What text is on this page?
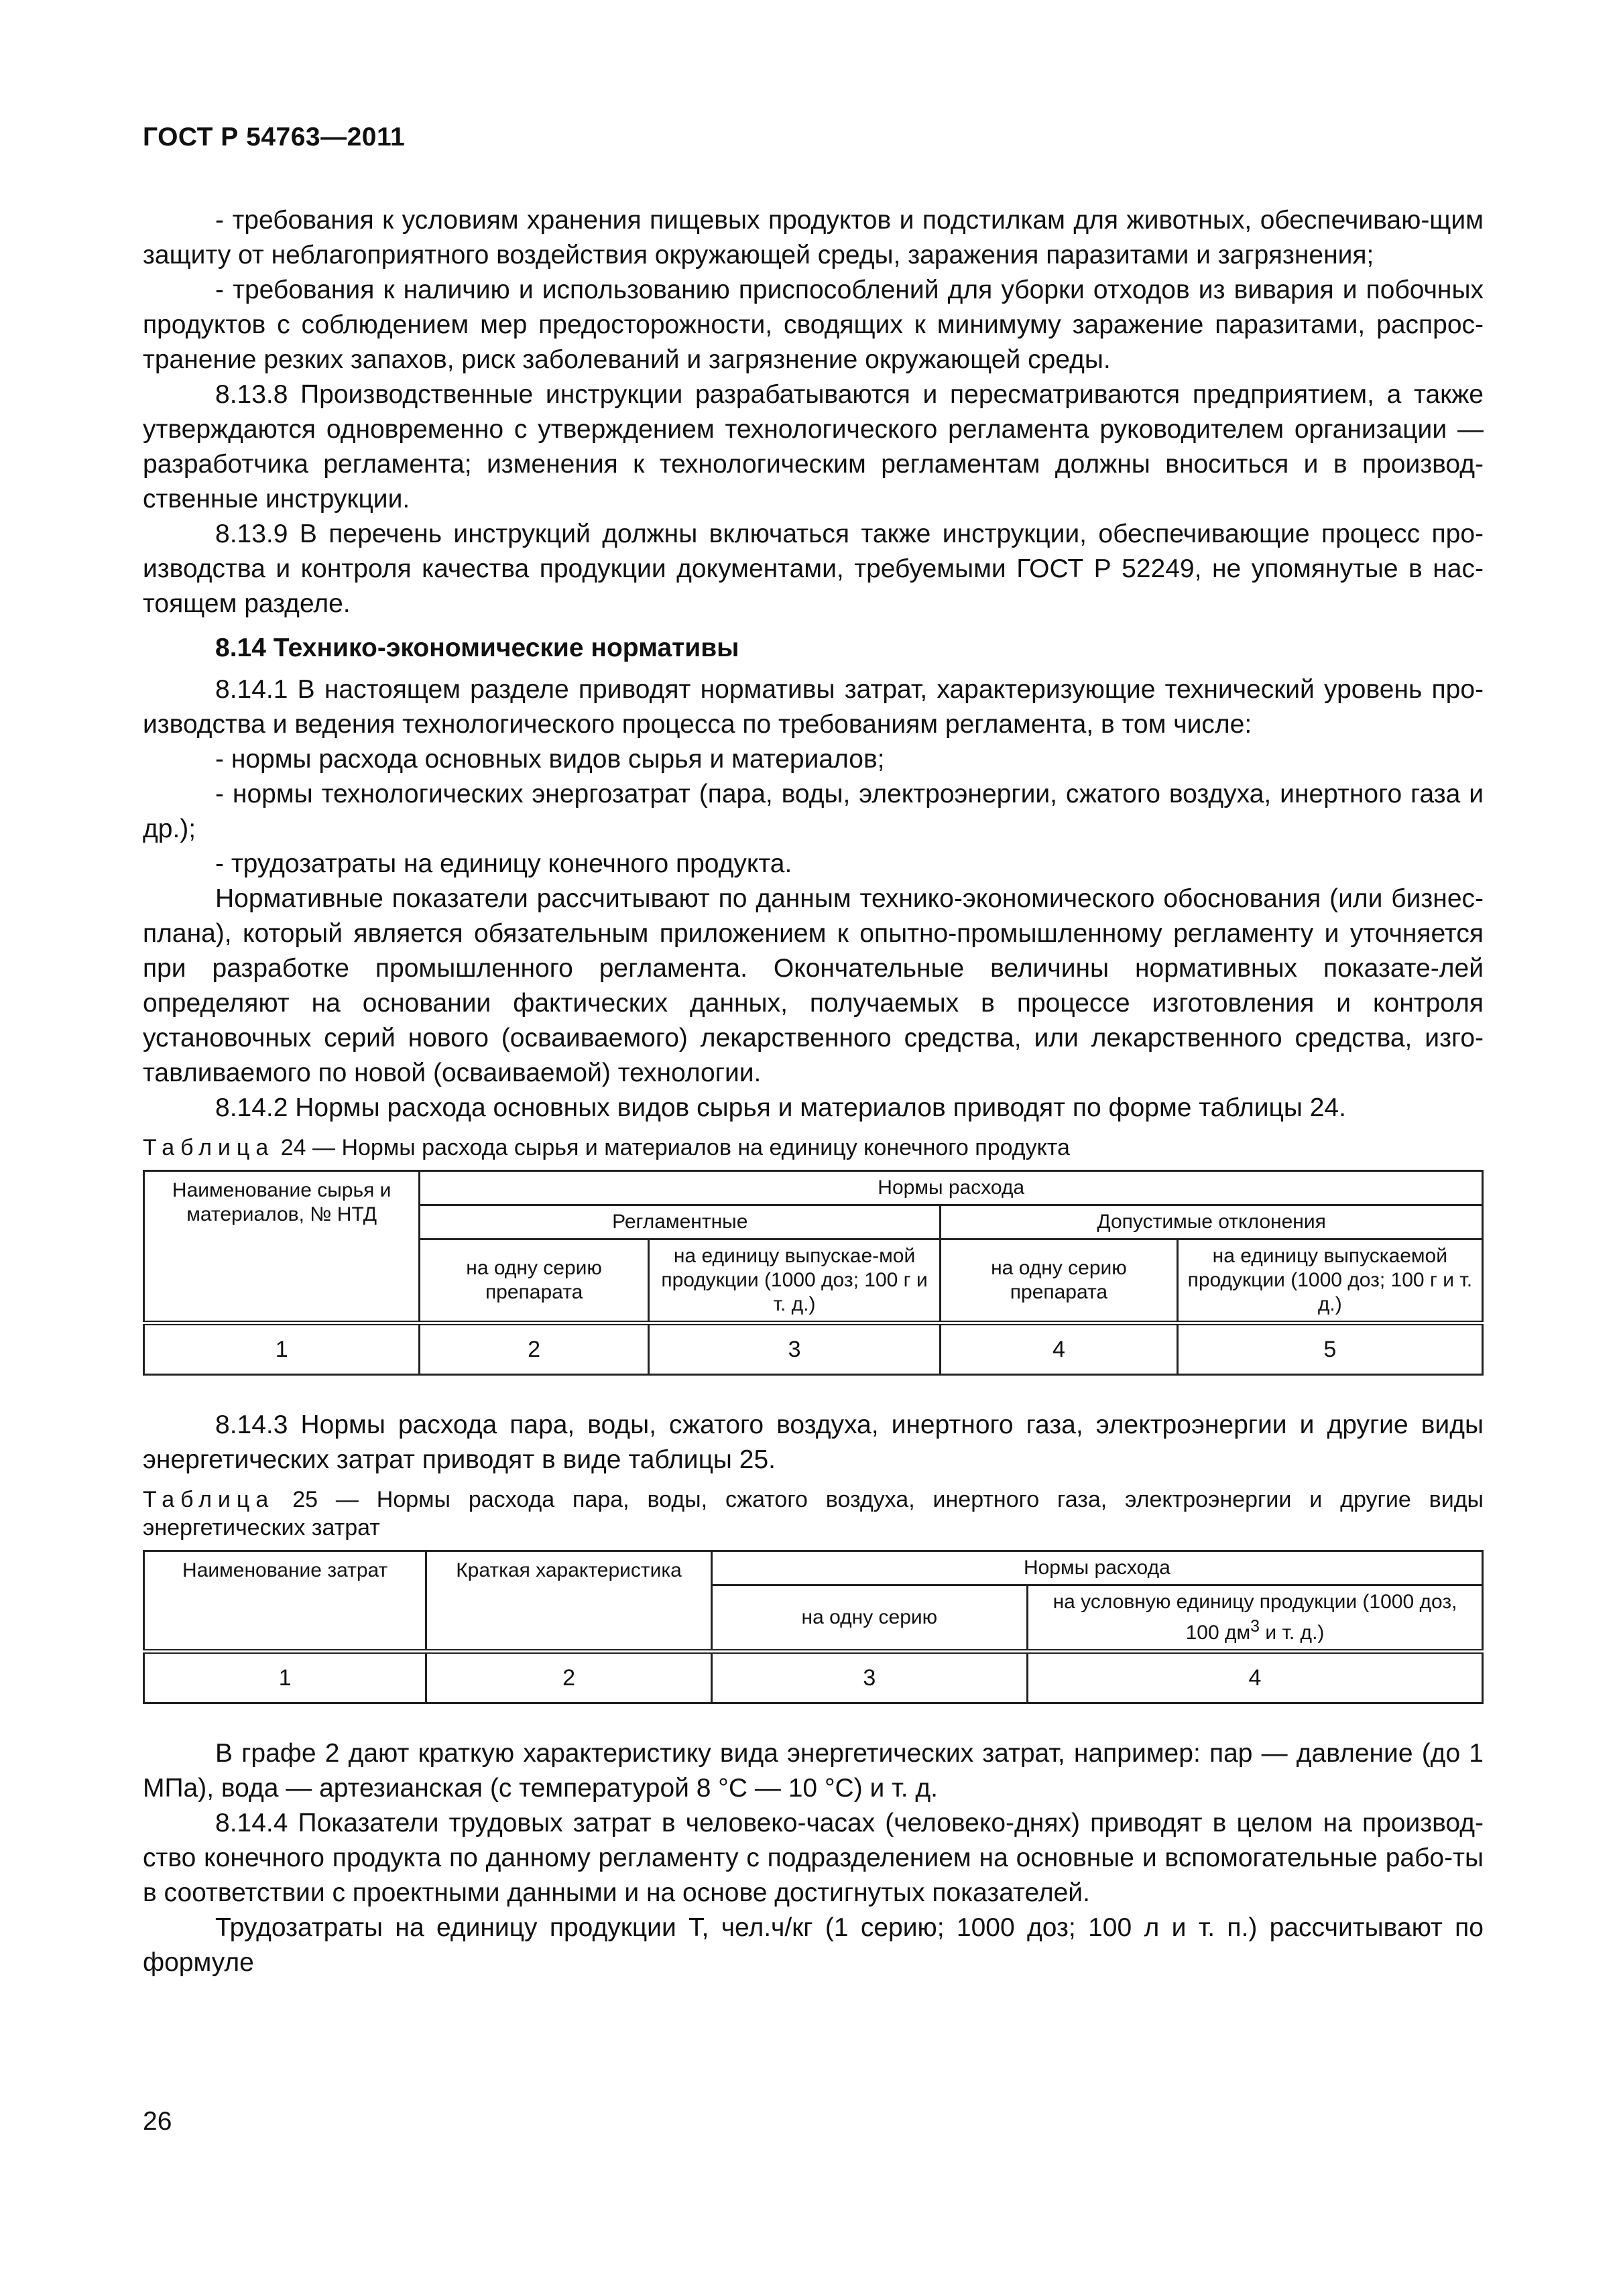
ГОСТ Р 54763—2011

- требования к условиям хранения пищевых продуктов и подстилкам для животных, обеспечиваю-щим защиту от неблагоприятного воздействия окружающей среды, заражения паразитами и загрязнения;

- требования к наличию и использованию приспособлений для уборки отходов из вивария и побочных продуктов с соблюдением мер предосторожности, сводящих к минимуму заражение паразитами, распрос-транение резких запахов, риск заболеваний и загрязнение окружающей среды.

8.13.8 Производственные инструкции разрабатываются и пересматриваются предприятием, а также утверждаются одновременно с утверждением технологического регламента руководителем организации — разработчика регламента; изменения к технологическим регламентам должны вноситься и в производ-ственные инструкции.

8.13.9 В перечень инструкций должны включаться также инструкции, обеспечивающие процесс про-изводства и контроля качества продукции документами, требуемыми ГОСТ Р 52249, не упомянутые в нас-тоящем разделе.

8.14 Технико-экономические нормативы

8.14.1 В настоящем разделе приводят нормативы затрат, характеризующие технический уровень про-изводства и ведения технологического процесса по требованиям регламента, в том числе:

- нормы расхода основных видов сырья и материалов;

- нормы технологических энергозатрат (пара, воды, электроэнергии, сжатого воздуха, инертного газа и др.);

- трудозатраты на единицу конечного продукта.

Нормативные показатели рассчитывают по данным технико-экономического обоснования (или бизнес-плана), который является обязательным приложением к опытно-промышленному регламенту и уточняется при разработке промышленного регламента. Окончательные величины нормативных показате-лей определяют на основании фактических данных, получаемых в процессе изготовления и контроля установочных серий нового (осваиваемого) лекарственного средства, или лекарственного средства, изго-тавливаемого по новой (осваиваемой) технологии.

8.14.2 Нормы расхода основных видов сырья и материалов приводят по форме таблицы 24.

Таблица 24 — Нормы расхода сырья и материалов на единицу конечного продукта
Наименование сырья и материалов, № НТД	Нормы расхода			
	Регламентные		Допустимые отклонения	
	на одну серию препарата	на единицу выпускае-мой продукции (1000 доз; 100 г и т. д.)	на одну серию препарата	на единицу выпускаемой продукции (1000 доз; 100 г и т. д.)
1	2	3	4	5

8.14.3 Нормы расхода пара, воды, сжатого воздуха, инертного газа, электроэнергии и другие виды энергетических затрат приводят в виде таблицы 25.

Таблица 25 — Нормы расхода пара, воды, сжатого воздуха, инертного газа, электроэнергии и другие виды энергетических затрат
Наименование затрат	Краткая характеристика	Нормы расхода	
		на одну серию	на условную единицу продукции (1000 доз, 100 $дм^3$ и т. д.)
1	2	3	4

В графе 2 дают краткую характеристику вида энергетических затрат, например: пар — давление (до 1 МПа), вода — артезианская (с температурой 8 °C — 10 °C) и т. д.

8.14.4 Показатели трудовых затрат в человеко-часах (человеко-днях) приводят в целом на производ-ство конечного продукта по данному регламенту с подразделением на основные и вспомогательные рабо-ты в соответствии с проектными данными и на основе достигнутых показателей.

Трудозатраты на единицу продукции Т, чел.ч/кг (1 серию; 1000 доз; 100 л и т. п.) рассчитывают по формуле

26
